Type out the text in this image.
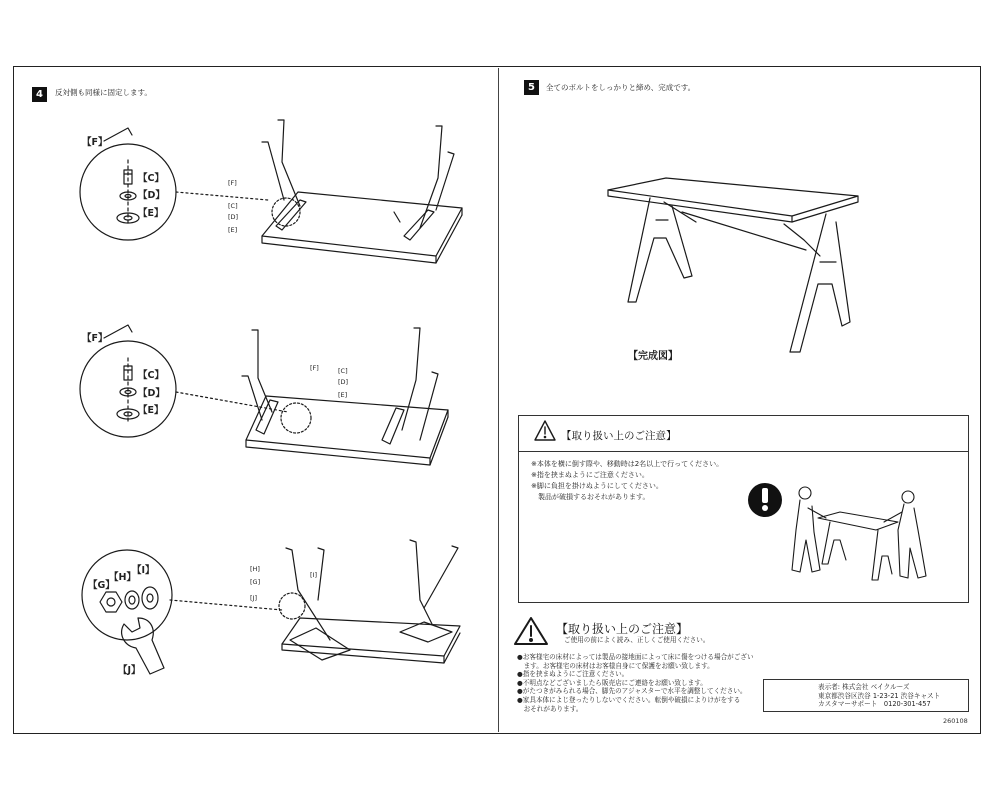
4	反対側も同様に固定します。	5	全てのボルトをしっかりと締め、完成です。
【F】
【C】
【D】
【E】
[F]
[C]
[D]
[E]
【F】
【C】
【D】
【E】
[F]	[C]
[D]
[E]
【G】
【H】
【I】
【J】
[H]
[G]
[J]
[I]
【完成図】
【取り扱い上のご注意】
※本体を横に倒す際や、移動時は2名以上で行ってください。
※指を挟まぬようにご注意ください。
※脚に負担を掛けぬようにしてください。
　製品が破損するおそれがあります。
【取り扱い上のご注意】
ご使用の前によく読み、正しくご使用ください。
●お客様宅の床材によっては製品の接地面によって床に傷をつける場合がござい
　ます。お客様宅の床材はお客様自身にて保護をお願い致します。
●指を挟まぬようにご注意ください。
●不明点などございましたら販売店にご連絡をお願い致します。
●がたつきがみられる場合、脚先のアジャスターで水平を調整してください。
●家具本体によじ登ったりしないでください。転倒や破損によりけがをする
　おそれがあります。
表示者: 株式会社 ベイクルーズ
東京都渋谷区渋谷 1-23-21 渋谷キャスト
カスタマーサポート　0120-301-457
260108
